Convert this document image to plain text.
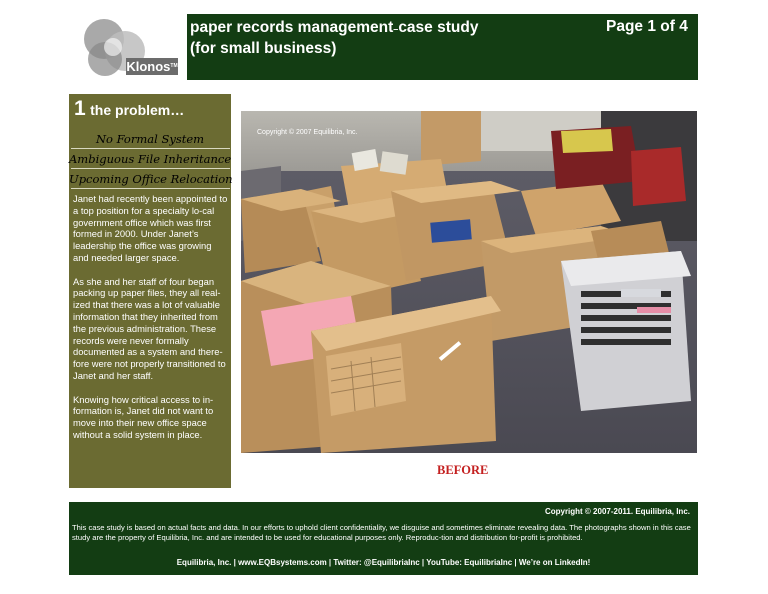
Klonos™
paper records management–case study
(for small business)
Page 1 of 4
1 the problem…
No Formal System
Ambiguous File Inheritance
Upcoming Office Relocation

Janet had recently been appointed to a top position for a specialty lo-cal government office which was first formed in 2000. Under Janet’s leadership the office was growing and needed larger space.

As she and her staff of four began packing up paper files, they all real-ized that there was a lot of valuable information that they inherited from the previous administration. These records were never formally documented as a system and there-fore were not properly transitioned to Janet and her staff.

Knowing how critical access to in-formation is, Janet did not want to move into their new office space without a solid system in place.

Copyright © 2007 Equilibria, Inc.
BEFORE
Copyright © 2007-2011. Equilibria, Inc.
This case study is based on actual facts and data. In our efforts to uphold client confidentiality, we disguise and sometimes eliminate revealing data. The photographs shown in this case study are the property of Equilibria, Inc. and are intended to be used for educational purposes only. Reproduc-tion and distribution for-profit is prohibited.
Equilibria, Inc. | www.EQBsystems.com | Twitter: @EquilibriaInc | YouTube: EquilibriaInc | We’re on LinkedIn!
